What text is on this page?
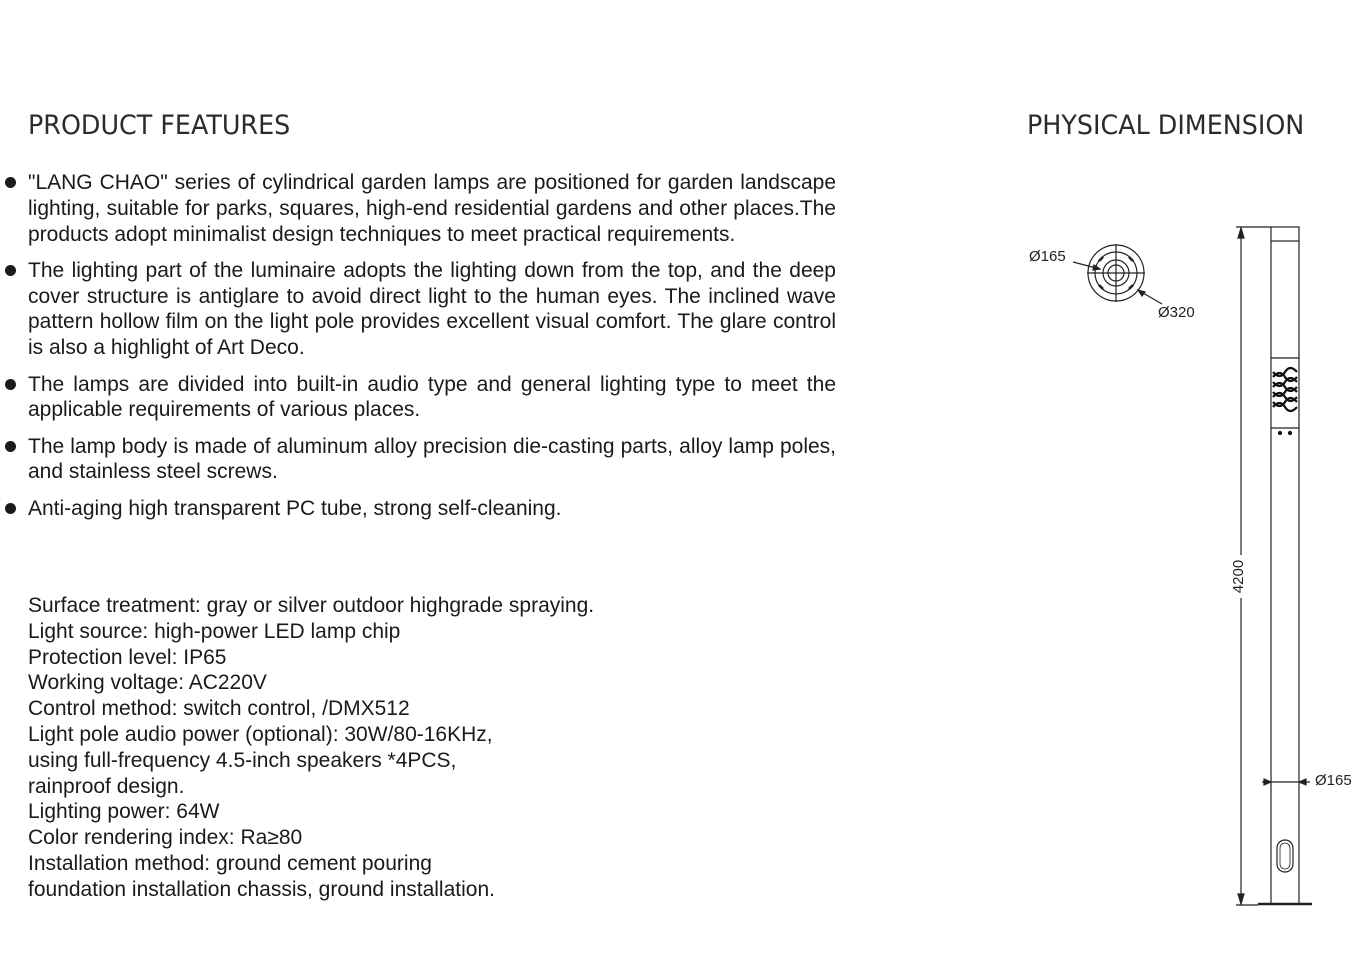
PRODUCT FEATURES	PHYSICAL DIMENSION
"LANG CHAO" series of cylindrical garden lamps are positioned for garden landscape lighting, suitable for parks, squares, high-end residential gardens and other places.The products adopt minimalist design techniques to meet practical requirements.
The lighting part of the luminaire adopts the lighting down from the top, and the deep cover structure is antiglare to avoid direct light to the human eyes. The inclined wave pattern hollow film on the light pole provides excellent visual comfort. The glare control is also a highlight of Art Deco.
The lamps are divided into built-in audio type and general lighting type to meet the applicable requirements of various places.
The lamp body is made of aluminum alloy precision die-casting parts, alloy lamp poles, and stainless steel screws.
Anti-aging high transparent PC tube, strong self-cleaning.
Surface treatment: gray or silver outdoor highgrade spraying.
Light source: high-power LED lamp chip
Protection level: IP65
Working voltage: AC220V
Control method: switch control, /DMX512
Light pole audio power (optional): 30W/80-16KHz,
using full-frequency 4.5-inch speakers *4PCS,
rainproof design.
Lighting power: 64W
Color rendering index: Ra≥80
Installation method: ground cement pouring
foundation installation chassis, ground installation.
Ø165
Ø320
4200
Ø165
